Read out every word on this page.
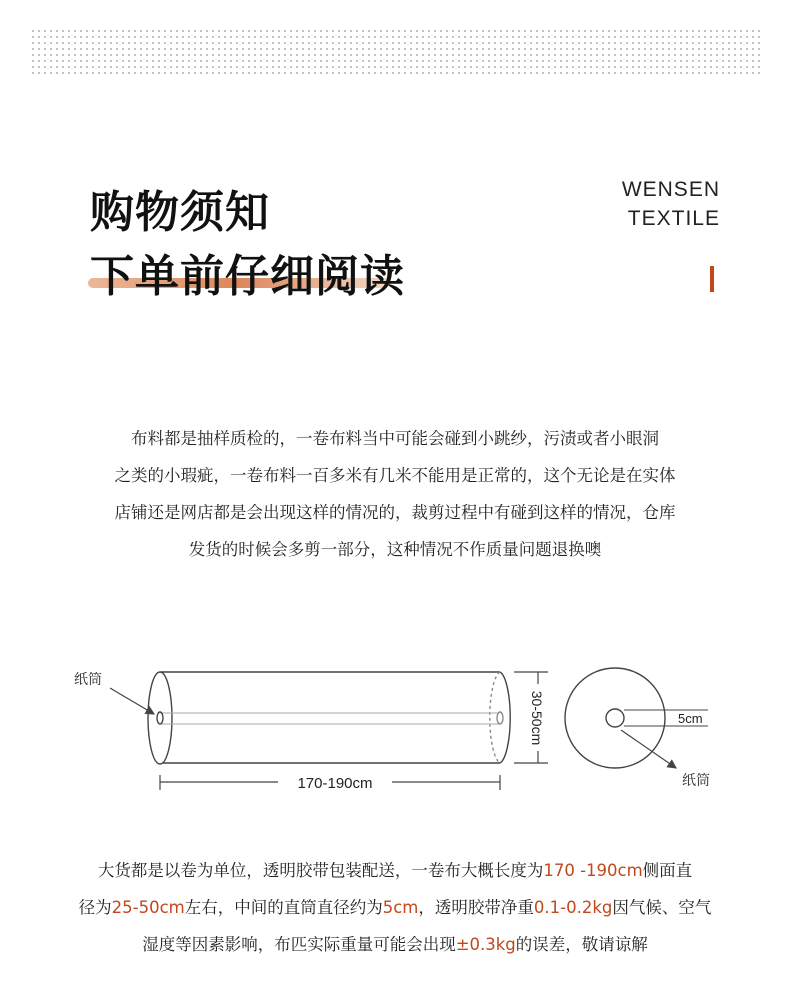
购物须知
下单前仔细阅读
WENSEN
TEXTILE
布料都是抽样质检的，一卷布料当中可能会碰到小跳纱，污渍或者小眼洞
之类的小瑕疵，一卷布料一百多米有几米不能用是正常的，这个无论是在实体
店铺还是网店都是会出现这样的情况的，裁剪过程中有碰到这样的情况，仓库
发货的时候会多剪一部分，这种情况不作质量问题退换噢
纸筒
170-190cm
30-50cm	5cm
纸筒
大货都是以卷为单位，透明胶带包装配送，一卷布大概长度为170 -190cm侧面直
径为25-50cm左右，中间的直筒直径约为5cm，透明胶带净重0.1-0.2kg因气候、空气
湿度等因素影响，布匹实际重量可能会出现±0.3kg的误差，敬请谅解
